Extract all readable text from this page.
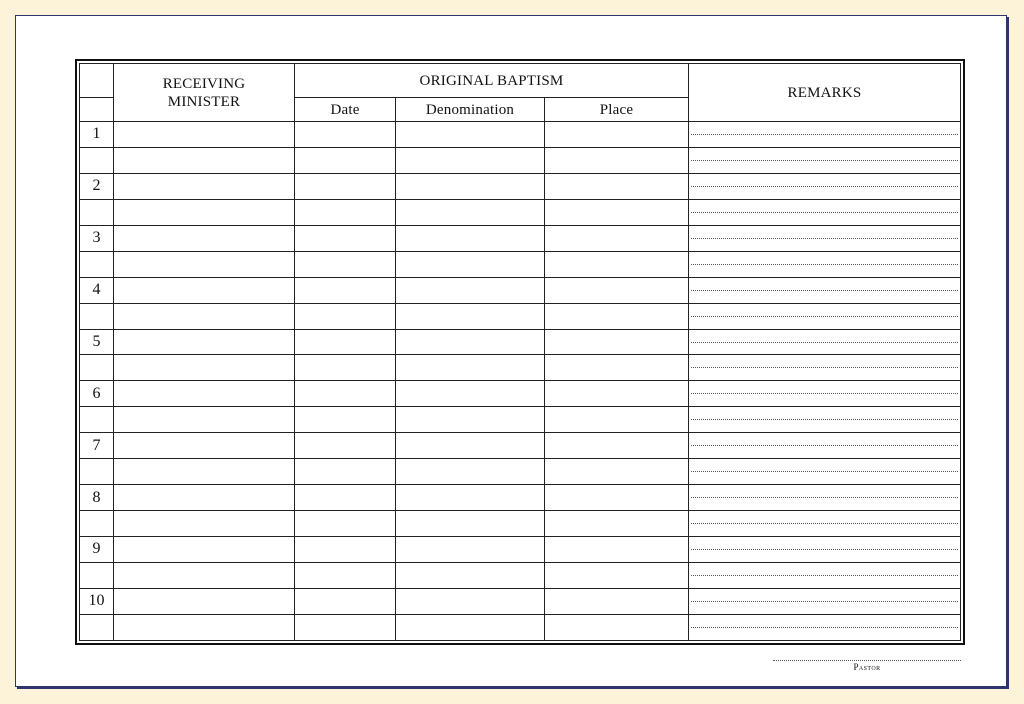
	RECEIVING MINISTER	ORIGINAL BAPTISM			REMARKS
		Date	Denomination	Place	
1					

2					

3					

4					

5					

6					

7					

8					

9					

10					

Pastor
